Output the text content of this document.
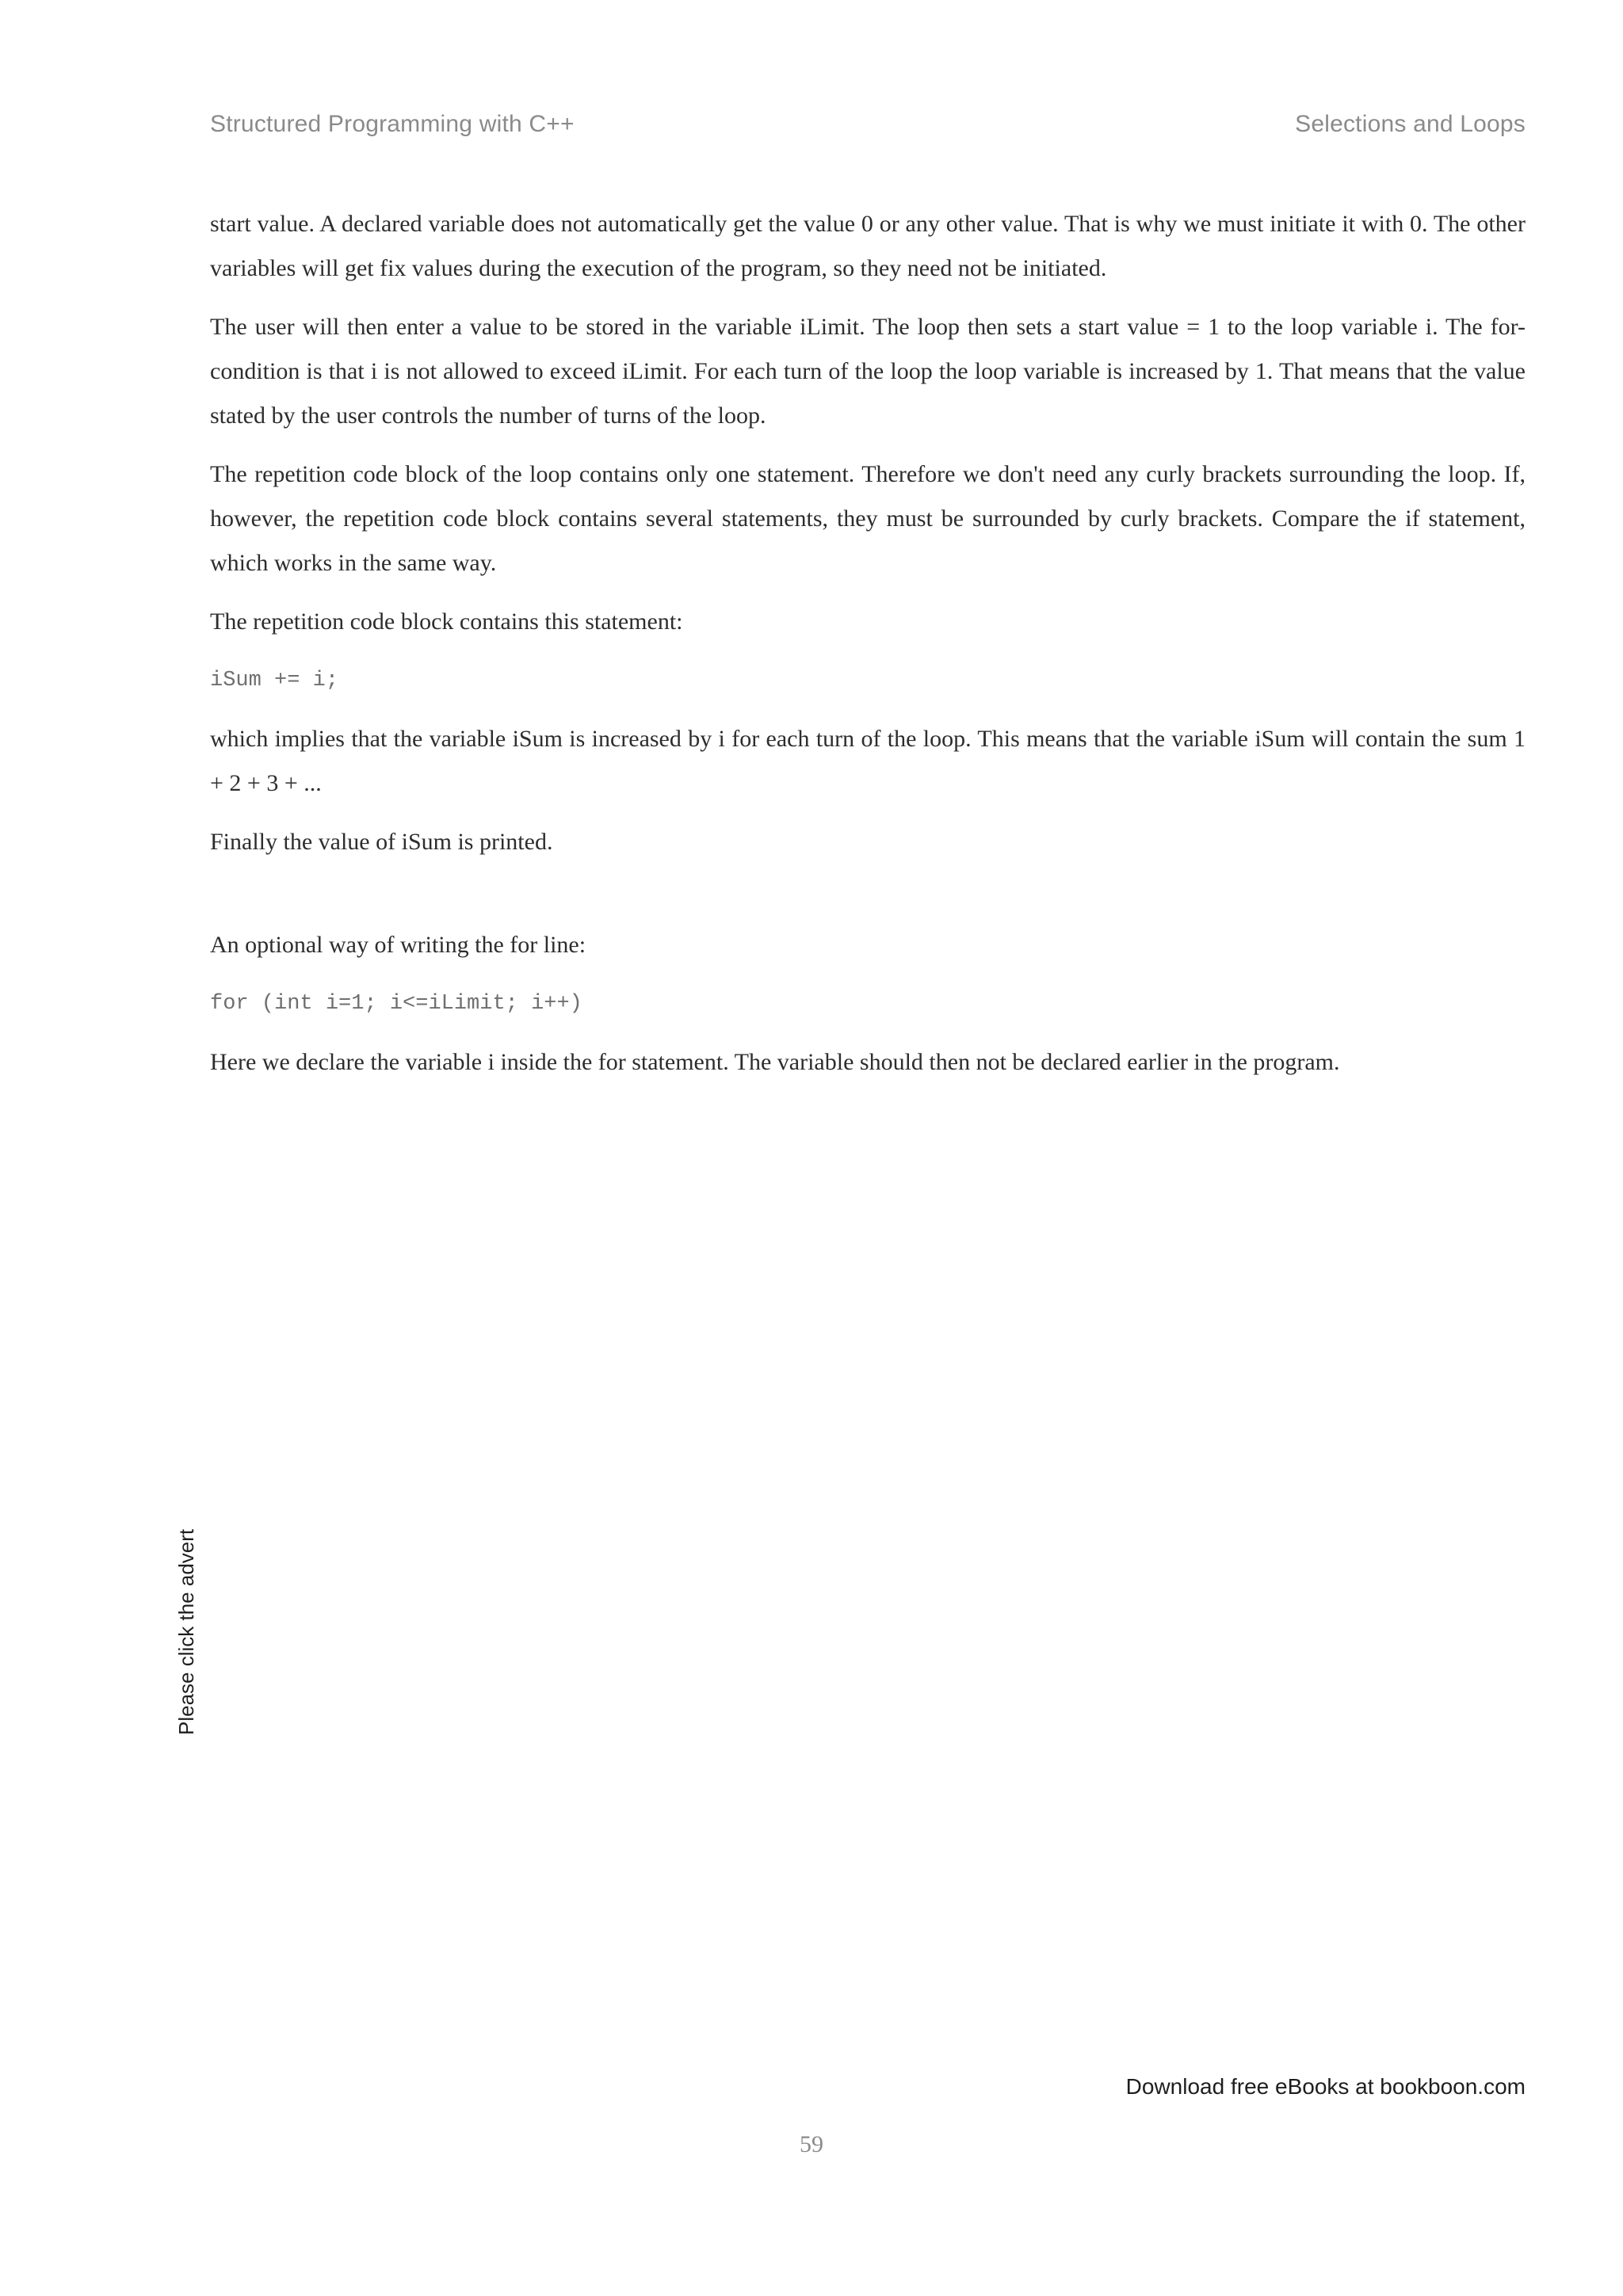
Structured Programming with C++	Selections and Loops

start value. A declared variable does not automatically get the value 0 or any other value. That is why we must initiate it with 0. The other variables will get fix values during the execution of the program, so they need not be initiated.

The user will then enter a value to be stored in the variable iLimit. The loop then sets a start value = 1 to the loop variable i. The for-condition is that i is not allowed to exceed iLimit. For each turn of the loop the loop variable is increased by 1. That means that the value stated by the user controls the number of turns of the loop.

The repetition code block of the loop contains only one statement. Therefore we don't need any curly brackets surrounding the loop. If, however, the repetition code block contains several statements, they must be surrounded by curly brackets. Compare the if statement, which works in the same way.

The repetition code block contains this statement:

iSum += i;

which implies that the variable iSum is increased by i for each turn of the loop. This means that the variable iSum will contain the sum 1 + 2 + 3 + ...

Finally the value of iSum is printed.

An optional way of writing the for line:

for (int i=1; i<=iLimit; i++)

Here we declare the variable i inside the for statement. The variable should then not be declared earlier in the program.

Please click the advert
Download free eBooks at bookboon.com
59
